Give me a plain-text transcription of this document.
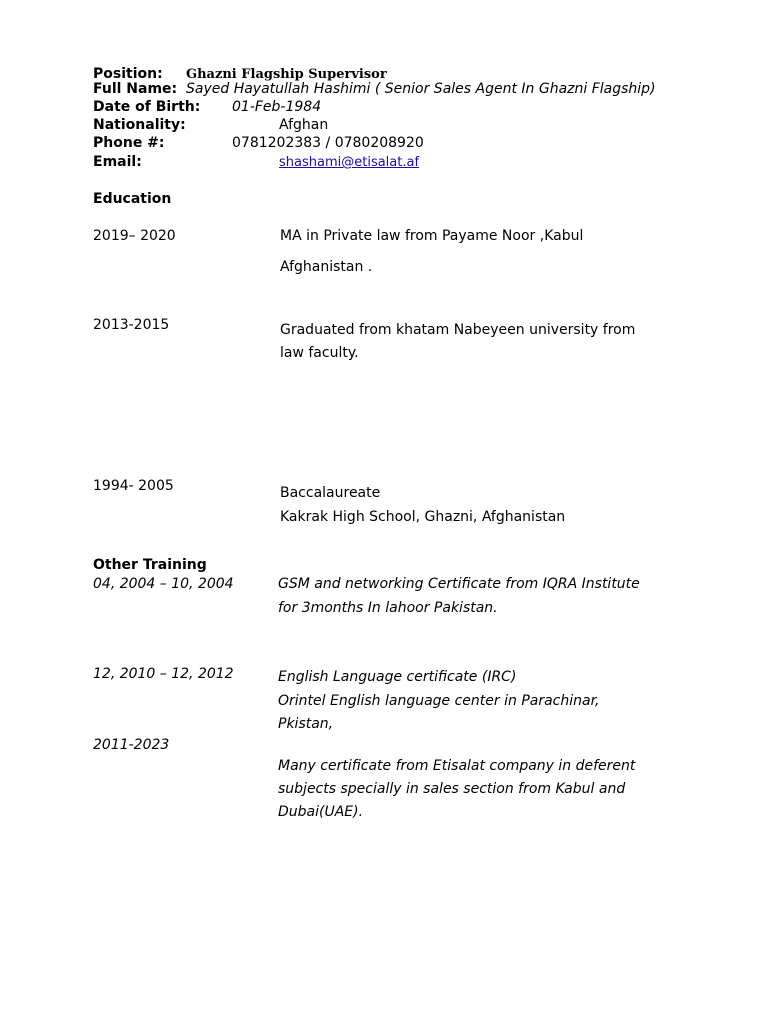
Position: Ghazni Flagship Supervisor
Full Name: Sayed Hayatullah Hashimi ( Senior Sales Agent In Ghazni Flagship)
Date of Birth: 01-Feb-1984
Nationality:	Afghan
Phone #:	0781202383 / 0780208920
Email:	shashami@etisalat.af
Education
2019– 2020	MA in Private law from Payame Noor ,Kabul
Afghanistan .
2013-2015	Graduated from khatam Nabeyeen university from
law faculty.
1994- 2005	Baccalaureate
Kakrak High School, Ghazni, Afghanistan
Other Training
04, 2004 – 10, 2004	GSM and networking Certificate from IQRA Institute
for 3months In lahoor Pakistan.
12, 2010 – 12, 2012	English Language certificate (IRC)
Orintel English language center in Parachinar,
Pkistan,
2011-2023
Many certificate from Etisalat company in deferent
subjects specially in sales section from Kabul and
Dubai(UAE).
